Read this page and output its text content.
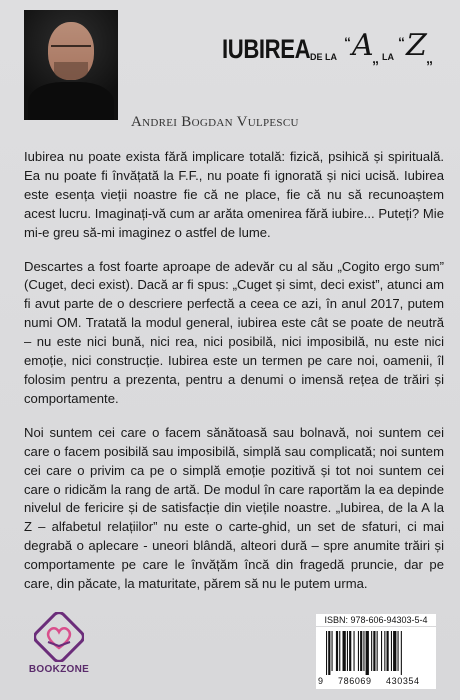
IUBIREA DE LA
“ A
„ LA
“ Z „
Andrei Bogdan Vulpescu

Iubirea nu poate exista fără implicare totală: fizică, psihică și spirituală. Ea nu poate fi învățată la F.F., nu poate fi ignorată și nici ucisă. Iubirea este esența vieții noastre fie că ne place, fie că nu să recunoaștem acest lucru. Imaginați-vă cum ar arăta omenirea fără iubire... Puteți? Mie mi-e greu să-mi imaginez o astfel de lume.

Descartes a fost foarte aproape de adevăr cu al său „Cogito ergo sum” (Cuget, deci exist). Dacă ar fi spus: „Cuget și simt, deci exist”, atunci am fi avut parte de o descriere perfectă a ceea ce azi, în anul 2017, putem numi OM. Tratată la modul general, iubirea este cât se poate de neutră – nu este nici bună, nici rea, nici posibilă, nici imposibilă, nu este nici emoție, nici construcție. Iubirea este un termen pe care noi, oamenii, îl folosim pentru a prezenta, pentru a denumi o imensă rețea de trăiri și comportamente.

Noi suntem cei care o facem sănătoasă sau bolnavă, noi suntem cei care o facem posibilă sau imposibilă, simplă sau complicată; noi suntem cei care o privim ca pe o simplă emoție pozitivă și tot noi suntem cei care o ridicăm la rang de artă. De modul în care raportăm la ea depinde nivelul de fericire și de satisfacție din viețile noastre. „Iubirea, de la A la Z – alfabetul relațiilor” nu este o carte-ghid, un set de sfaturi, ci mai degrabă o aplecare - uneori blândă, alteori dură – spre anumite trăiri și comportamente pe care le învățăm încă din fragedă pruncie, dar pe care, din păcate, la maturitate, părem să nu le putem urma.

BOOKZONE
ISBN: 978-606-94303-5-4
9 786069 430354
